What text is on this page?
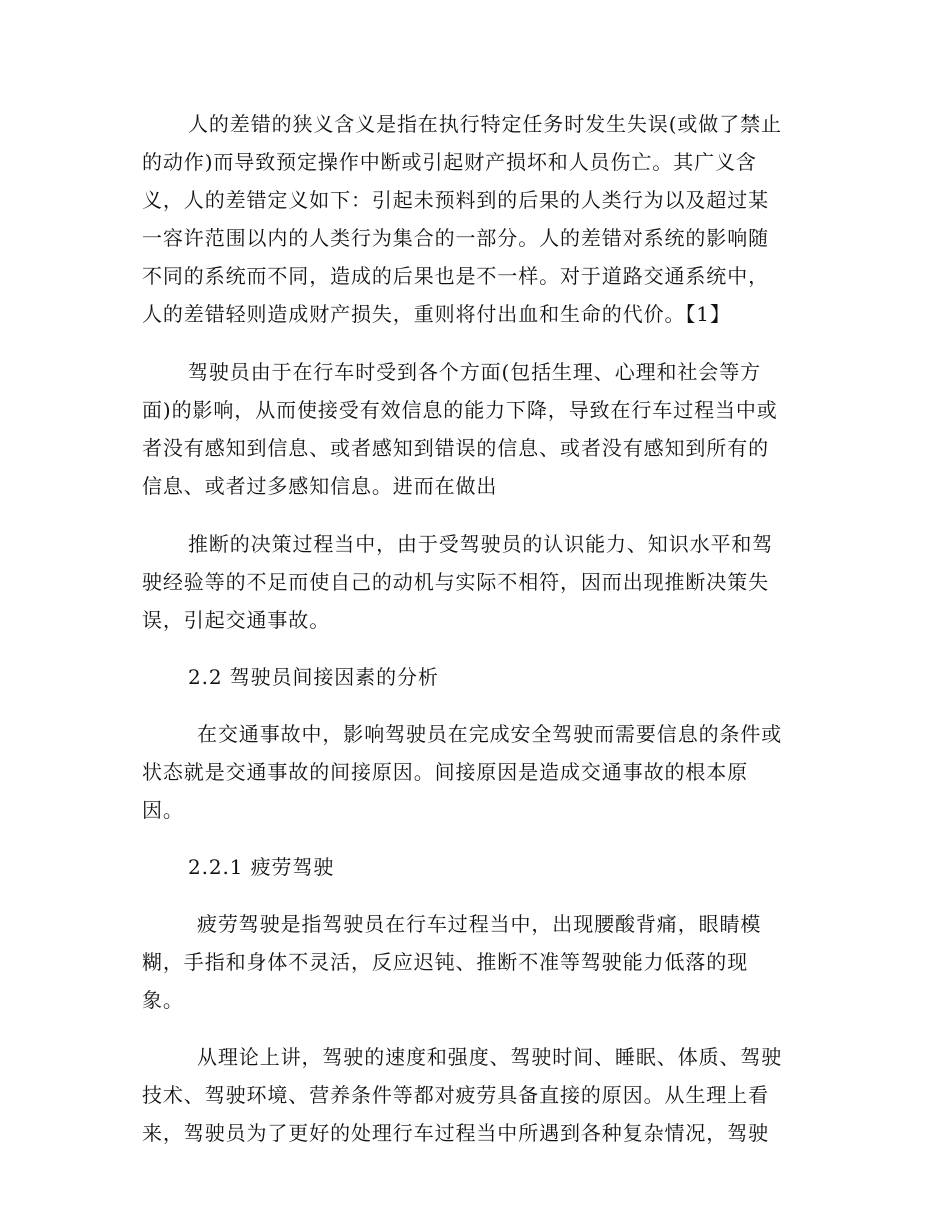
人的差错的狭义含义是指在执行特定任务时发生失误(或做了禁止
的动作)而导致预定操作中断或引起财产损坏和人员伤亡。其广义含
义，人的差错定义如下：引起未预料到的后果的人类行为以及超过某
一容许范围以内的人类行为集合的一部分。人的差错对系统的影响随
不同的系统而不同，造成的后果也是不一样。对于道路交通系统中，
人的差错轻则造成财产损失，重则将付出血和生命的代价。【1】
驾驶员由于在行车时受到各个方面(包括生理、心理和社会等方
面)的影响，从而使接受有效信息的能力下降，导致在行车过程当中或
者没有感知到信息、或者感知到错误的信息、或者没有感知到所有的
信息、或者过多感知信息。进而在做出
推断的决策过程当中，由于受驾驶员的认识能力、知识水平和驾
驶经验等的不足而使自己的动机与实际不相符，因而出现推断决策失
误，引起交通事故。
2.2 驾驶员间接因素的分析
在交通事故中，影响驾驶员在完成安全驾驶而需要信息的条件或
状态就是交通事故的间接原因。间接原因是造成交通事故的根本原
因。
2.2.1 疲劳驾驶
疲劳驾驶是指驾驶员在行车过程当中，出现腰酸背痛，眼睛模
糊，手指和身体不灵活，反应迟钝、推断不准等驾驶能力低落的现
象。
从理论上讲，驾驶的速度和强度、驾驶时间、睡眠、体质、驾驶
技术、驾驶环境、营养条件等都对疲劳具备直接的原因。从生理上看
来，驾驶员为了更好的处理行车过程当中所遇到各种复杂情况，驾驶
